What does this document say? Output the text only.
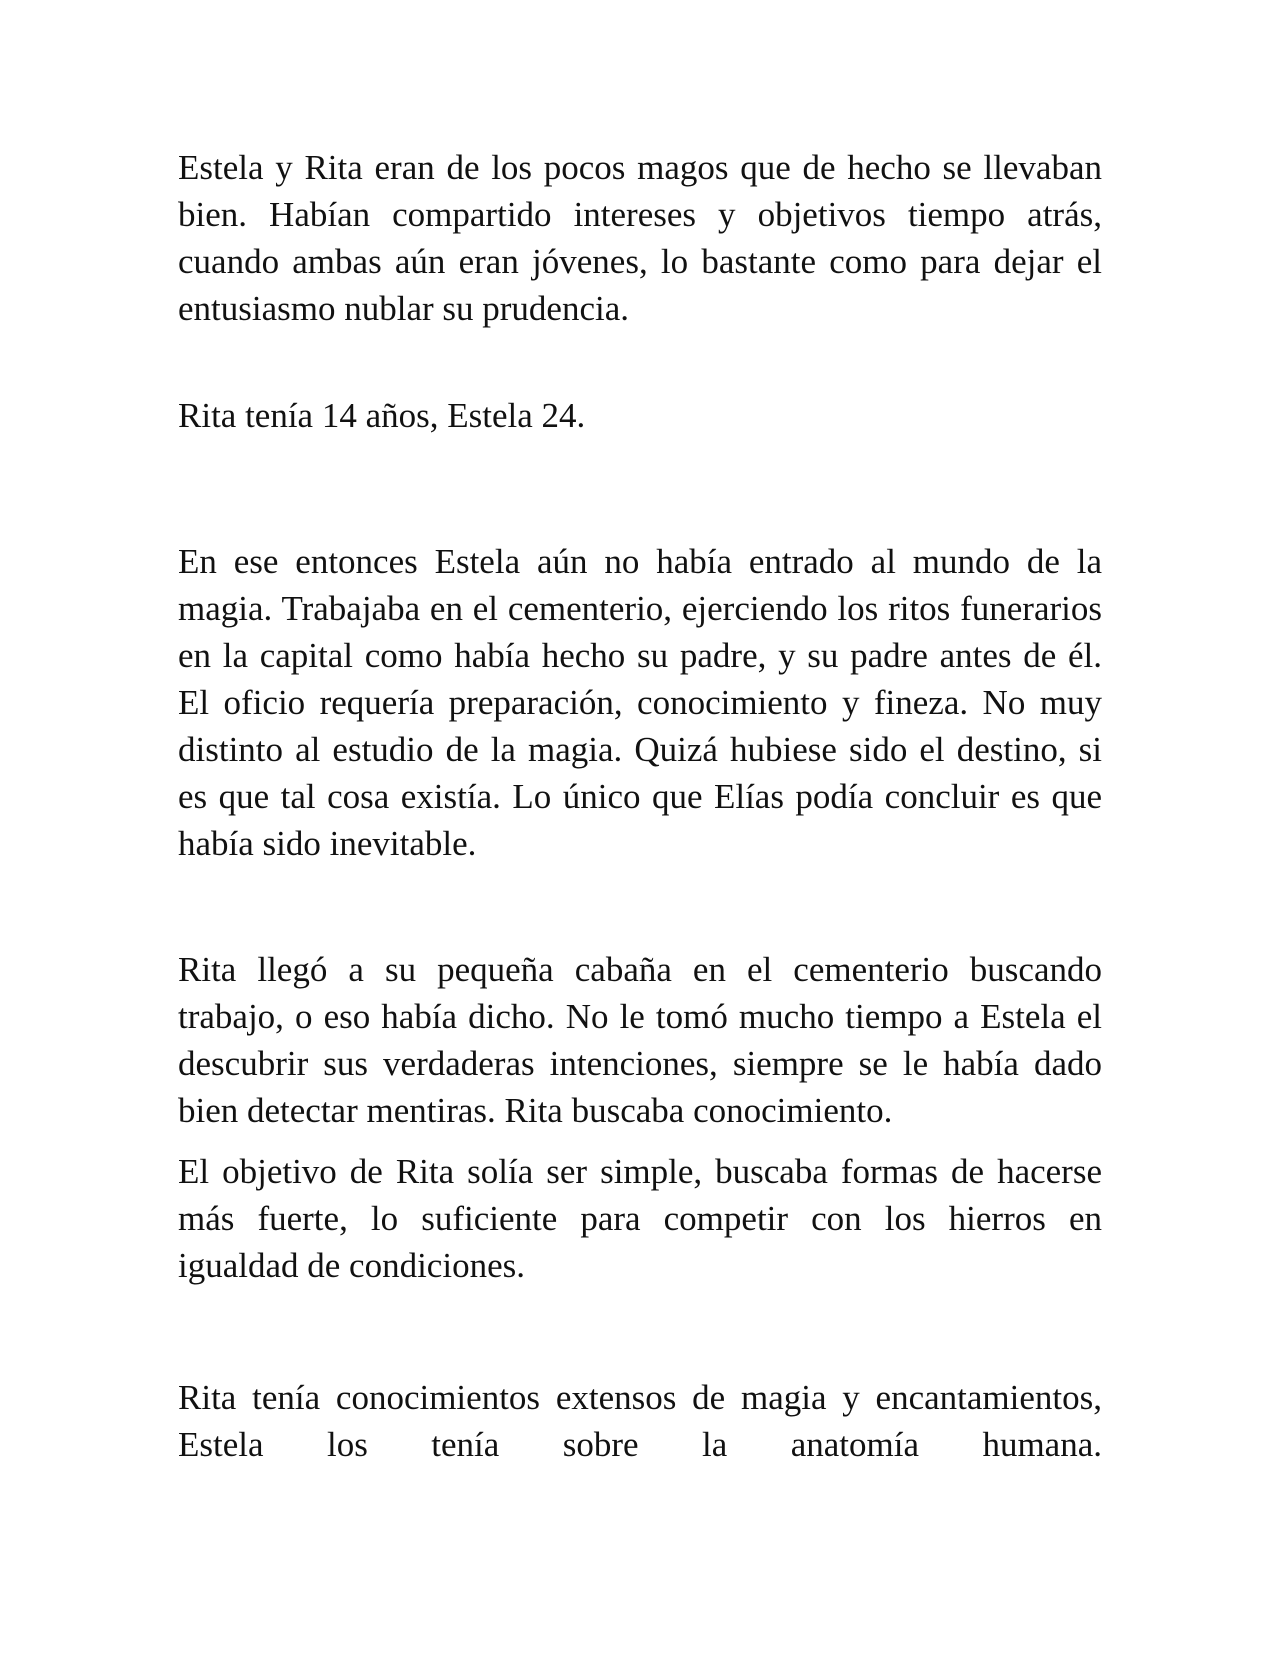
Estela y Rita eran de los pocos magos que de hecho se llevaban bien. Habían compartido intereses y objetivos tiempo atrás, cuando ambas aún eran jóvenes, lo bastante como para dejar el entusiasmo nublar su prudencia.

Rita tenía 14 años, Estela 24.

En ese entonces Estela aún no había entrado al mundo de la magia. Trabajaba en el cementerio, ejerciendo los ritos funerarios en la capital como había hecho su padre, y su padre antes de él. El oficio requería preparación, conocimiento y fineza. No muy distinto al estudio de la magia. Quizá hubiese sido el destino, si es que tal cosa existía. Lo único que Elías podía concluir es que había sido inevitable.

Rita llegó a su pequeña cabaña en el cementerio buscando trabajo, o eso había dicho. No le tomó mucho tiempo a Estela el descubrir sus verdaderas intenciones, siempre se le había dado bien detectar mentiras. Rita buscaba conocimiento.

El objetivo de Rita solía ser simple, buscaba formas de hacerse más fuerte, lo suficiente para competir con los hierros en igualdad de condiciones.

Rita tenía conocimientos extensos de magia y encantamientos, Estela los tenía sobre la anatomía humana.
